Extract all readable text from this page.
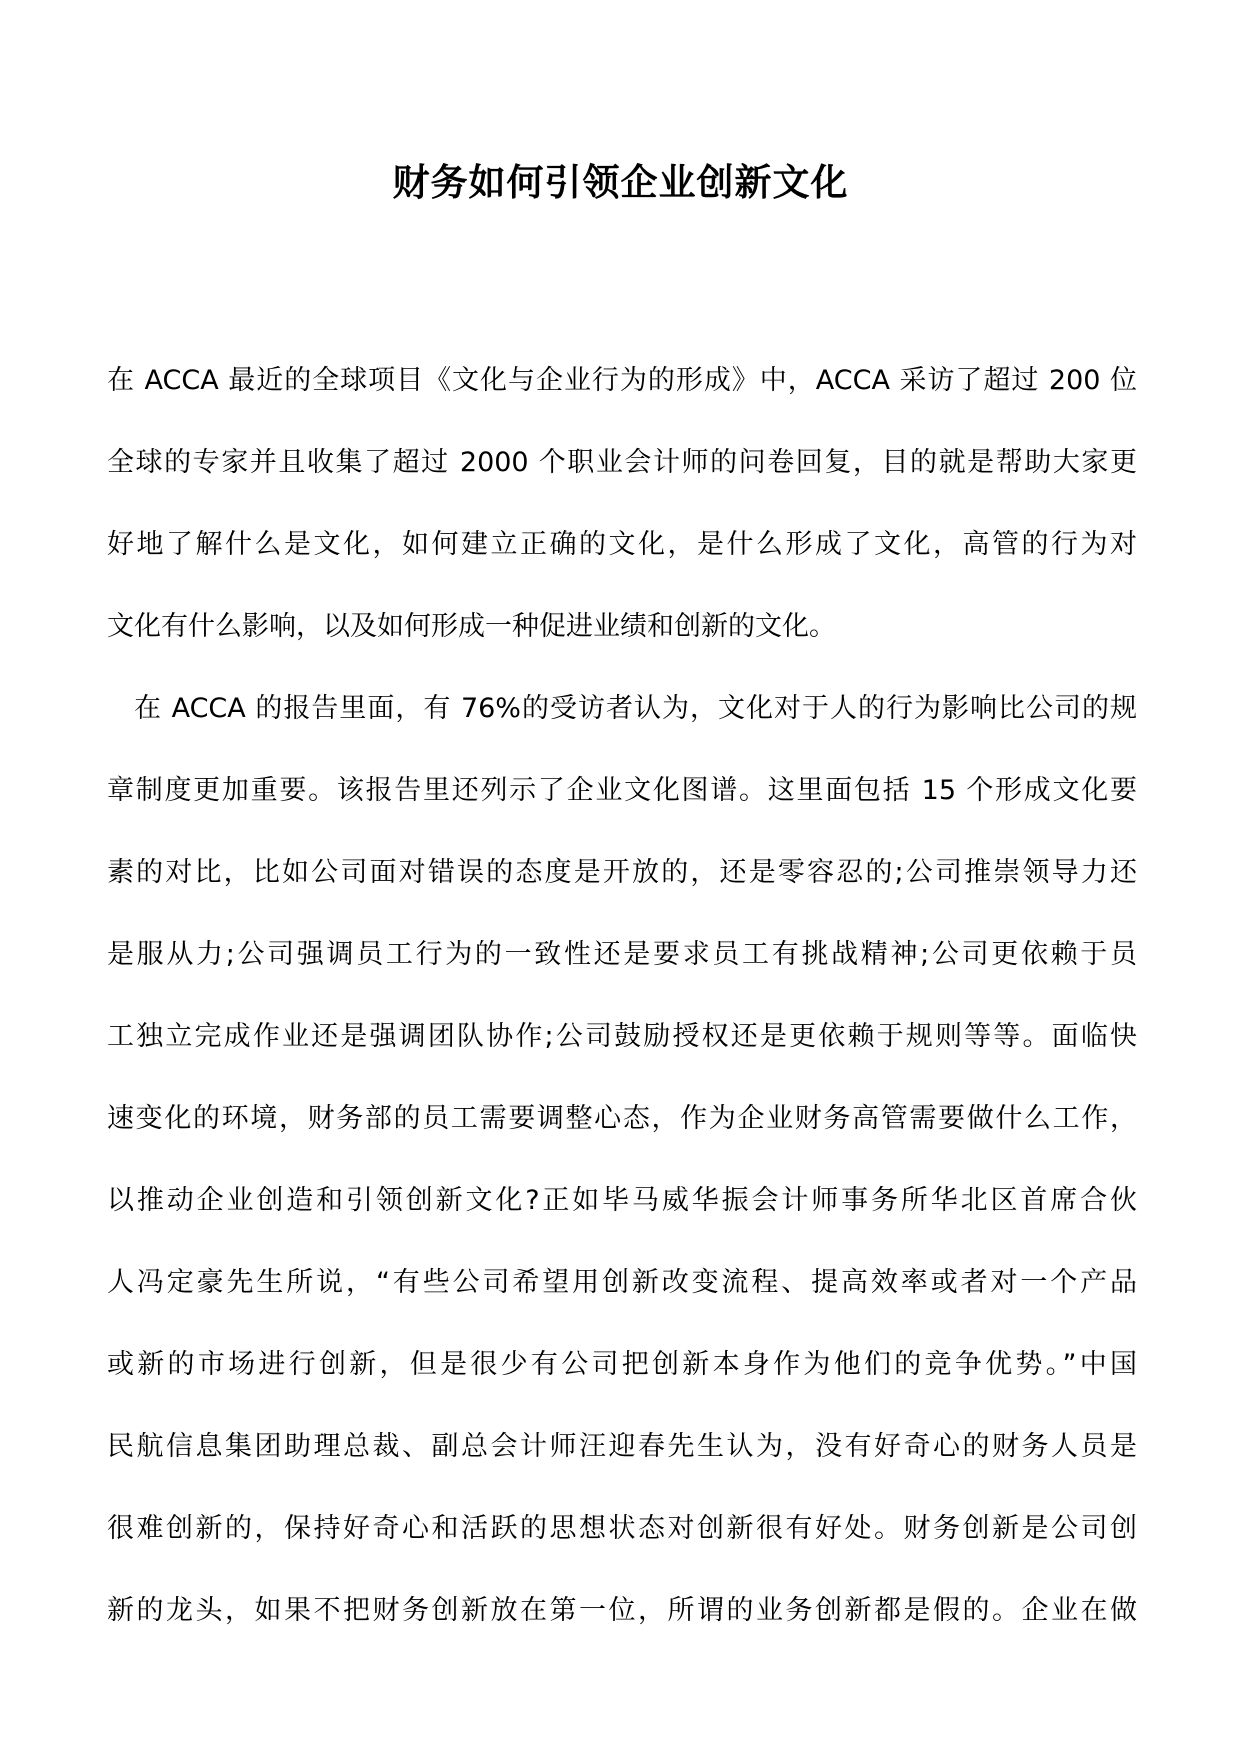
财务如何引领企业创新文化
在 ACCA 最近的全球项目《文化与企业行为的形成》中，ACCA 采访了超过 200 位
全球的专家并且收集了超过 2000 个职业会计师的问卷回复，目的就是帮助大家更
好地了解什么是文化，如何建立正确的文化，是什么形成了文化，高管的行为对
文化有什么影响，以及如何形成一种促进业绩和创新的文化。
在 ACCA 的报告里面，有 76%的受访者认为，文化对于人的行为影响比公司的规
章制度更加重要。该报告里还列示了企业文化图谱。这里面包括 15 个形成文化要
素的对比，比如公司面对错误的态度是开放的，还是零容忍的;公司推崇领导力还
是服从力;公司强调员工行为的一致性还是要求员工有挑战精神;公司更依赖于员
工独立完成作业还是强调团队协作;公司鼓励授权还是更依赖于规则等等。面临快
速变化的环境，财务部的员工需要调整心态，作为企业财务高管需要做什么工作，
以推动企业创造和引领创新文化?正如毕马威华振会计师事务所华北区首席合伙
人冯定豪先生所说，“有些公司希望用创新改变流程、提高效率或者对一个产品
或新的市场进行创新，但是很少有公司把创新本身作为他们的竞争优势。”中国
民航信息集团助理总裁、副总会计师汪迎春先生认为，没有好奇心的财务人员是
很难创新的，保持好奇心和活跃的思想状态对创新很有好处。财务创新是公司创
新的龙头，如果不把财务创新放在第一位，所谓的业务创新都是假的。企业在做
